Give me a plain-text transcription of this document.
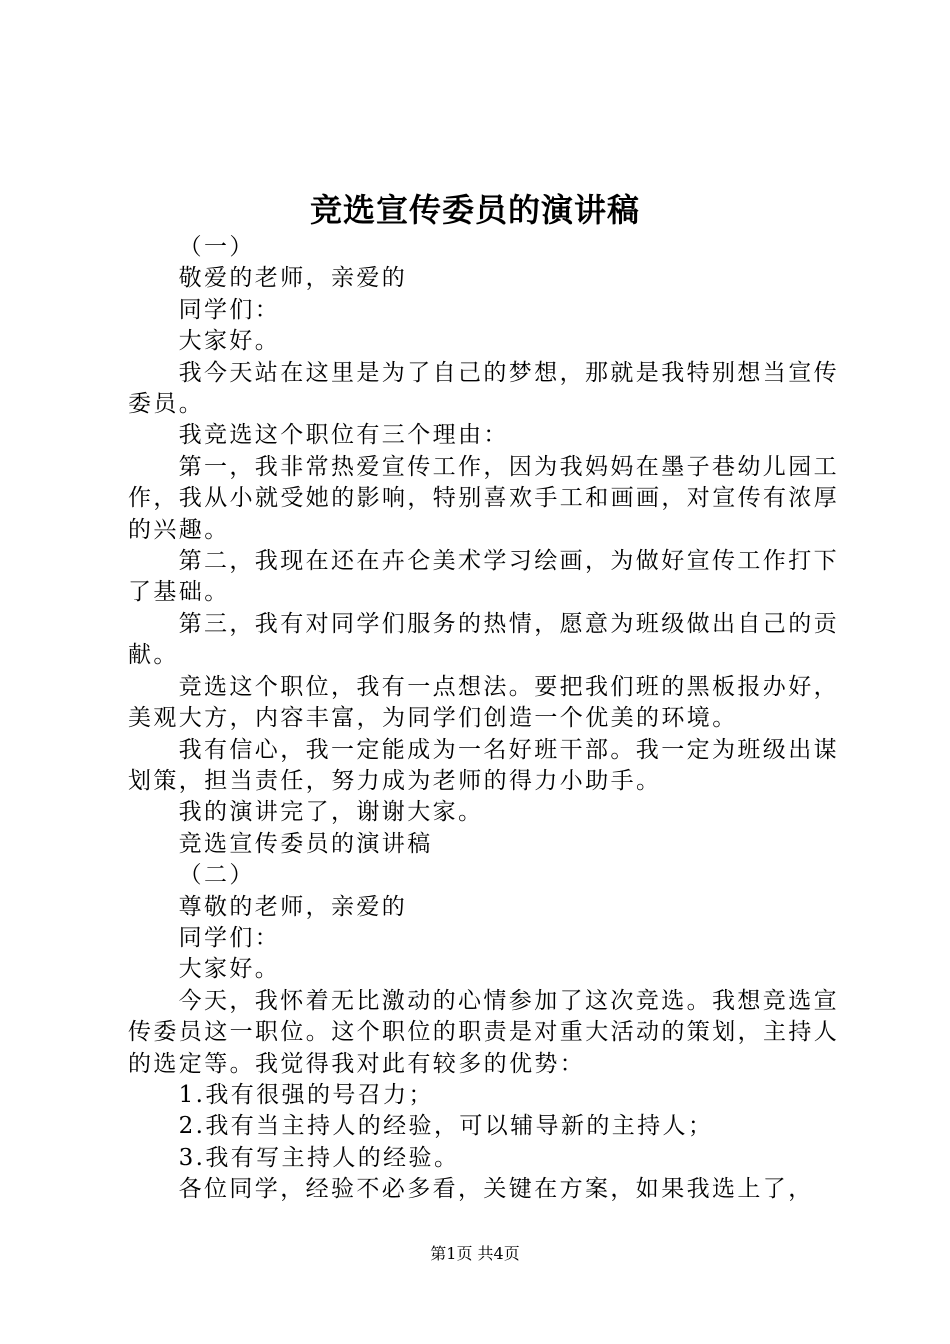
竞选宣传委员的演讲稿

（一）

敬爱的老师，亲爱的

同学们：

大家好。

我今天站在这里是为了自己的梦想，那就是我特别想当宣传委员。

我竞选这个职位有三个理由：

第一，我非常热爱宣传工作，因为我妈妈在墨子巷幼儿园工作，我从小就受她的影响，特别喜欢手工和画画，对宣传有浓厚的兴趣。

第二，我现在还在卉仑美术学习绘画，为做好宣传工作打下了基础。

第三，我有对同学们服务的热情，愿意为班级做出自己的贡献。

竞选这个职位，我有一点想法。要把我们班的黑板报办好，美观大方，内容丰富，为同学们创造一个优美的环境。

我有信心，我一定能成为一名好班干部。我一定为班级出谋划策，担当责任，努力成为老师的得力小助手。

我的演讲完了，谢谢大家。

竞选宣传委员的演讲稿

（二）

尊敬的老师，亲爱的

同学们：

大家好。

今天，我怀着无比激动的心情参加了这次竞选。我想竞选宣传委员这一职位。这个职位的职责是对重大活动的策划，主持人的选定等。我觉得我对此有较多的优势：

1.我有很强的号召力；

2.我有当主持人的经验，可以辅导新的主持人；

3.我有写主持人的经验。

各位同学，经验不必多看，关键在方案，如果我选上了，

第1页 共4页
